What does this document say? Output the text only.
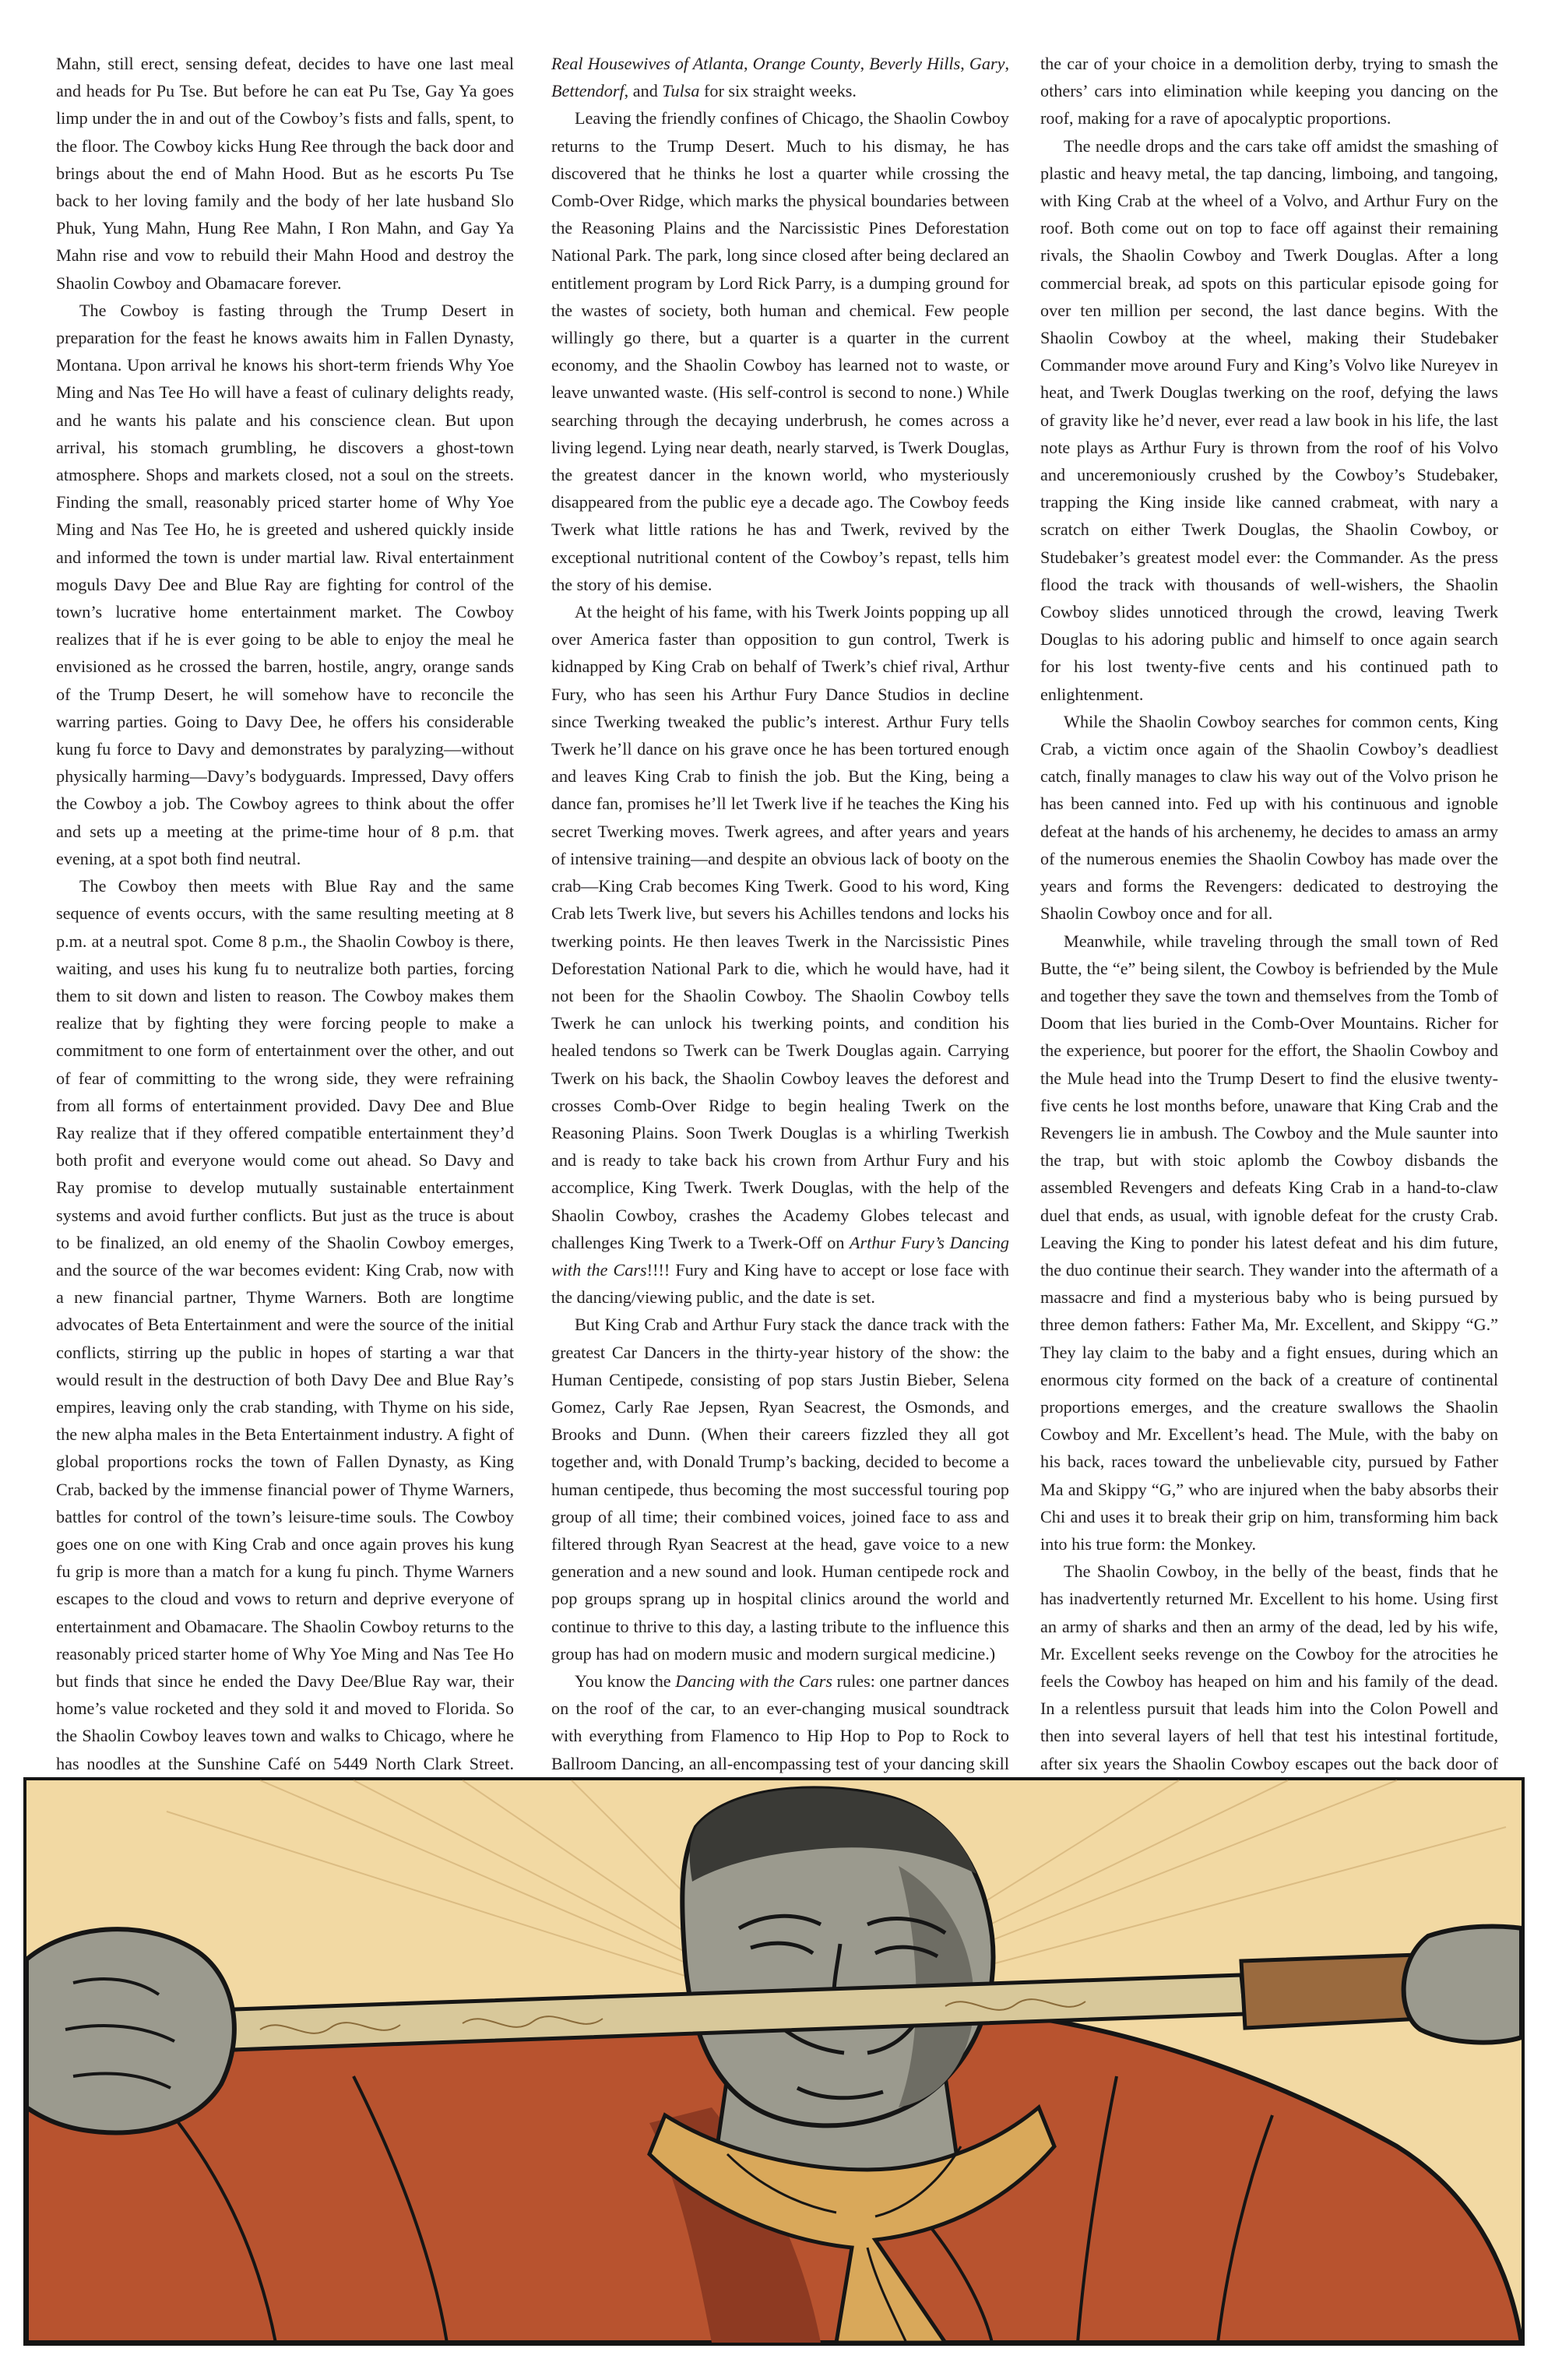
Mahn, still erect, sensing defeat, decides to have one last meal and heads for Pu Tse. But before he can eat Pu Tse, Gay Ya goes limp under the in and out of the Cowboy’s fists and falls, spent, to the floor. The Cowboy kicks Hung Ree through the back door and brings about the end of Mahn Hood. But as he escorts Pu Tse back to her loving family and the body of her late husband Slo Phuk, Yung Mahn, Hung Ree Mahn, I Ron Mahn, and Gay Ya Mahn rise and vow to rebuild their Mahn Hood and destroy the Shaolin Cowboy and Obamacare forever.

The Cowboy is fasting through the Trump Desert in preparation for the feast he knows awaits him in Fallen Dynasty, Montana. Upon arrival he knows his short-term friends Why Yoe Ming and Nas Tee Ho will have a feast of culinary delights ready, and he wants his palate and his conscience clean. But upon arrival, his stomach grumbling, he discovers a ghost-town atmosphere. Shops and markets closed, not a soul on the streets. Finding the small, reasonably priced starter home of Why Yoe Ming and Nas Tee Ho, he is greeted and ushered quickly inside and informed the town is under martial law. Rival entertainment moguls Davy Dee and Blue Ray are fighting for control of the town’s lucrative home entertainment market. The Cowboy realizes that if he is ever going to be able to enjoy the meal he envisioned as he crossed the barren, hostile, angry, orange sands of the Trump Desert, he will somehow have to reconcile the warring parties. Going to Davy Dee, he offers his considerable kung fu force to Davy and demonstrates by paralyzing—without physically harming—Davy’s bodyguards. Impressed, Davy offers the Cowboy a job. The Cowboy agrees to think about the offer and sets up a meeting at the prime-time hour of 8 p.m. that evening, at a spot both find neutral.

The Cowboy then meets with Blue Ray and the same sequence of events occurs, with the same resulting meeting at 8 p.m. at a neutral spot. Come 8 p.m., the Shaolin Cowboy is there, waiting, and uses his kung fu to neutralize both parties, forcing them to sit down and listen to reason. The Cowboy makes them realize that by fighting they were forcing people to make a commitment to one form of entertainment over the other, and out of fear of committing to the wrong side, they were refraining from all forms of entertainment provided. Davy Dee and Blue Ray realize that if they offered compatible entertainment they’d both profit and everyone would come out ahead. So Davy and Ray promise to develop mutually sustainable entertainment systems and avoid further conflicts. But just as the truce is about to be finalized, an old enemy of the Shaolin Cowboy emerges, and the source of the war becomes evident: King Crab, now with a new financial partner, Thyme Warners. Both are longtime advocates of Beta Entertainment and were the source of the initial conflicts, stirring up the public in hopes of starting a war that would result in the destruction of both Davy Dee and Blue Ray’s empires, leaving only the crab standing, with Thyme on his side, the new alpha males in the Beta Entertainment industry. A fight of global proportions rocks the town of Fallen Dynasty, as King Crab, backed by the immense financial power of Thyme Warners, battles for control of the town’s leisure-time souls. The Cowboy goes one on one with King Crab and once again proves his kung fu grip is more than a match for a kung fu pinch. Thyme Warners escapes to the cloud and vows to return and deprive everyone of entertainment and Obamacare. The Shaolin Cowboy returns to the reasonably priced starter home of Why Yoe Ming and Nas Tee Ho but finds that since he ended the Davy Dee/Blue Ray war, their home’s value rocketed and they sold it and moved to Florida. So the Shaolin Cowboy leaves town and walks to Chicago, where he has noodles at the Sunshine Café on 5449 North Clark Street.

Real Housewives of Atlanta, Orange County, Beverly Hills, Gary, Bettendorf, and Tulsa for six straight weeks.

Leaving the friendly confines of Chicago, the Shaolin Cowboy returns to the Trump Desert. Much to his dismay, he has discovered that he thinks he lost a quarter while crossing the Comb-Over Ridge, which marks the physical boundaries between the Reasoning Plains and the Narcissistic Pines Deforestation National Park. The park, long since closed after being declared an entitlement program by Lord Rick Parry, is a dumping ground for the wastes of society, both human and chemical. Few people willingly go there, but a quarter is a quarter in the current economy, and the Shaolin Cowboy has learned not to waste, or leave unwanted waste. (His self-control is second to none.) While searching through the decaying underbrush, he comes across a living legend. Lying near death, nearly starved, is Twerk Douglas, the greatest dancer in the known world, who mysteriously disappeared from the public eye a decade ago. The Cowboy feeds Twerk what little rations he has and Twerk, revived by the exceptional nutritional content of the Cowboy’s repast, tells him the story of his demise.

At the height of his fame, with his Twerk Joints popping up all over America faster than opposition to gun control, Twerk is kidnapped by King Crab on behalf of Twerk’s chief rival, Arthur Fury, who has seen his Arthur Fury Dance Studios in decline since Twerking tweaked the public’s interest. Arthur Fury tells Twerk he’ll dance on his grave once he has been tortured enough and leaves King Crab to finish the job. But the King, being a dance fan, promises he’ll let Twerk live if he teaches the King his secret Twerking moves. Twerk agrees, and after years and years of intensive training—and despite an obvious lack of booty on the crab—King Crab becomes King Twerk. Good to his word, King Crab lets Twerk live, but severs his Achilles tendons and locks his twerking points. He then leaves Twerk in the Narcissistic Pines Deforestation National Park to die, which he would have, had it not been for the Shaolin Cowboy. The Shaolin Cowboy tells Twerk he can unlock his twerking points, and condition his healed tendons so Twerk can be Twerk Douglas again. Carrying Twerk on his back, the Shaolin Cowboy leaves the deforest and crosses Comb-Over Ridge to begin healing Twerk on the Reasoning Plains. Soon Twerk Douglas is a whirling Twerkish and is ready to take back his crown from Arthur Fury and his accomplice, King Twerk. Twerk Douglas, with the help of the Shaolin Cowboy, crashes the Academy Globes telecast and challenges King Twerk to a Twerk-Off on Arthur Fury’s Dancing with the Cars!!!! Fury and King have to accept or lose face with the dancing/viewing public, and the date is set.

But King Crab and Arthur Fury stack the dance track with the greatest Car Dancers in the thirty-year history of the show: the Human Centipede, consisting of pop stars Justin Bieber, Selena Gomez, Carly Rae Jepsen, Ryan Seacrest, the Osmonds, and Brooks and Dunn. (When their careers fizzled they all got together and, with Donald Trump’s backing, decided to become a human centipede, thus becoming the most successful touring pop group of all time; their combined voices, joined face to ass and filtered through Ryan Seacrest at the head, gave voice to a new generation and a new sound and look. Human centipede rock and pop groups sprang up in hospital clinics around the world and continue to thrive to this day, a lasting tribute to the influence this group has had on modern music and modern surgical medicine.)

You know the Dancing with the Cars rules: one partner dances on the roof of the car, to an ever-changing musical soundtrack with everything from Flamenco to Hip Hop to Pop to Rock to Ballroom Dancing, an all-encompassing test of your dancing skill

the car of your choice in a demolition derby, trying to smash the others’ cars into elimination while keeping you dancing on the roof, making for a rave of apocalyptic proportions.

The needle drops and the cars take off amidst the smashing of plastic and heavy metal, the tap dancing, limboing, and tangoing, with King Crab at the wheel of a Volvo, and Arthur Fury on the roof. Both come out on top to face off against their remaining rivals, the Shaolin Cowboy and Twerk Douglas. After a long commercial break, ad spots on this particular episode going for over ten million per second, the last dance begins. With the Shaolin Cowboy at the wheel, making their Studebaker Commander move around Fury and King’s Volvo like Nureyev in heat, and Twerk Douglas twerking on the roof, defying the laws of gravity like he’d never, ever read a law book in his life, the last note plays as Arthur Fury is thrown from the roof of his Volvo and unceremoniously crushed by the Cowboy’s Studebaker, trapping the King inside like canned crabmeat, with nary a scratch on either Twerk Douglas, the Shaolin Cowboy, or Studebaker’s greatest model ever: the Commander. As the press flood the track with thousands of well-wishers, the Shaolin Cowboy slides unnoticed through the crowd, leaving Twerk Douglas to his adoring public and himself to once again search for his lost twenty-five cents and his continued path to enlightenment.

While the Shaolin Cowboy searches for common cents, King Crab, a victim once again of the Shaolin Cowboy’s deadliest catch, finally manages to claw his way out of the Volvo prison he has been canned into. Fed up with his continuous and ignoble defeat at the hands of his archenemy, he decides to amass an army of the numerous enemies the Shaolin Cowboy has made over the years and forms the Revengers: dedicated to destroying the Shaolin Cowboy once and for all.

Meanwhile, while traveling through the small town of Red Butte, the “e” being silent, the Cowboy is befriended by the Mule and together they save the town and themselves from the Tomb of Doom that lies buried in the Comb-Over Mountains. Richer for the experience, but poorer for the effort, the Shaolin Cowboy and the Mule head into the Trump Desert to find the elusive twenty-five cents he lost months before, unaware that King Crab and the Revengers lie in ambush. The Cowboy and the Mule saunter into the trap, but with stoic aplomb the Cowboy disbands the assembled Revengers and defeats King Crab in a hand-to-claw duel that ends, as usual, with ignoble defeat for the crusty Crab. Leaving the King to ponder his latest defeat and his dim future, the duo continue their search. They wander into the aftermath of a massacre and find a mysterious baby who is being pursued by three demon fathers: Father Ma, Mr. Excellent, and Skippy “G.” They lay claim to the baby and a fight ensues, during which an enormous city formed on the back of a creature of continental proportions emerges, and the creature swallows the Shaolin Cowboy and Mr. Excellent’s head. The Mule, with the baby on his back, races toward the unbelievable city, pursued by Father Ma and Skippy “G,” who are injured when the baby absorbs their Chi and uses it to break their grip on him, transforming him back into his true form: the Monkey.

The Shaolin Cowboy, in the belly of the beast, finds that he has inadvertently returned Mr. Excellent to his home. Using first an army of sharks and then an army of the dead, led by his wife, Mr. Excellent seeks revenge on the Cowboy for the atrocities he feels the Cowboy has heaped on him and his family of the dead. In a relentless pursuit that leads him into the Colon Powell and then into several layers of hell that test his intestinal fortitude, after six years the Shaolin Cowboy escapes out the back door of
